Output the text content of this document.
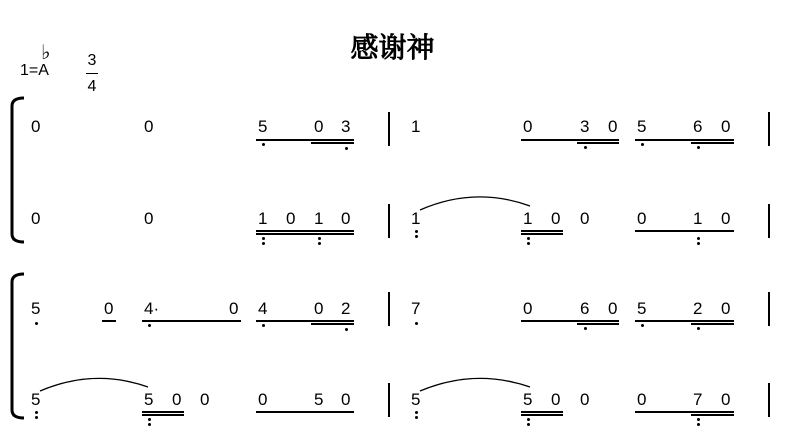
感谢神
1=A
♭ 3
4
0	0	5	0 3	1	0	3 0 5	6 0
0	0	1 0 1 0	1	1 0 0	0	1 0
5	0 4·	0 4	0 2	7	0	6 0 5	2 0
5	5 0 0	0	5 0	5	5 0 0	0	7 0
